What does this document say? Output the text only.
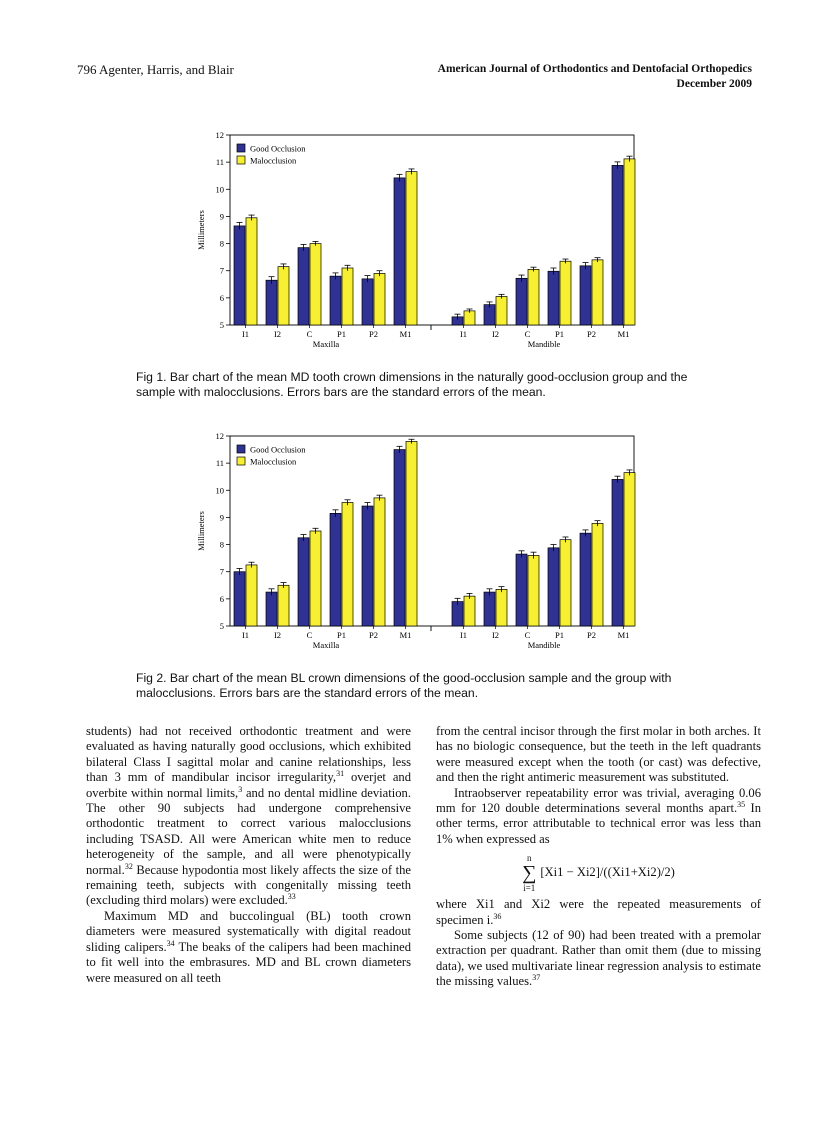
796 Agenter, Harris, and Blair	American Journal of Orthodontics and Dentofacial Orthopedics
December 2009
5
6
7
8
9
10
11
12
Millimeters
I1	I2	C	P1	P2	M1	I1	I2	C	P1	P2	M1
Maxilla	Mandible
Good Occlusion
Malocclusion
Fig 1. Bar chart of the mean MD tooth crown dimensions in the naturally good-occlusion group and the sample with malocclusions. Errors bars are the standard errors of the mean.
5
6
7
8
9
10
11
12
Millimeters
I1	I2	C	P1	P2	M1	I1	I2	C	P1	P2	M1
Maxilla	Mandible
Good Occlusion
Malocclusion
Fig 2. Bar chart of the mean BL crown dimensions of the good-occlusion sample and the group with malocclusions. Errors bars are the standard errors of the mean.

students) had not received orthodontic treatment and were evaluated as having naturally good occlusions, which exhibited bilateral Class I sagittal molar and canine relationships, less than 3 mm of mandibular incisor irregularity,$^{31}$ overjet and overbite within normal limits,$^3$ and no dental midline deviation. The other 90 subjects had undergone comprehensive orthodontic treatment to correct various malocclusions including TSASD. All were American white men to reduce heterogeneity of the sample, and all were phenotypically normal.$^{32}$ Because hypodontia most likely affects the size of the remaining teeth, subjects with congenitally missing teeth (excluding third molars) were excluded.$^{33}$

Maximum MD and buccolingual (BL) tooth crown diameters were measured systematically with digital readout sliding calipers.$^{34}$ The beaks of the calipers had been machined to fit well into the embrasures. MD and BL crown diameters were measured on all teeth

from the central incisor through the first molar in both arches. It has no biologic consequence, but the teeth in the left quadrants were measured except when the tooth (or cast) was defective, and then the right antimeric measurement was substituted.

Intraobserver repeatability error was trivial, averaging 0.06 mm for 120 double determinations several months apart.$^{35}$ In other terms, error attributable to technical error was less than 1% when expressed as

n
∑
i=1[Xi1 − Xi2]/((Xi1+Xi2)/2)

where Xi1 and Xi2 were the repeated measurements of specimen i.$^{36}$

Some subjects (12 of 90) had been treated with a premolar extraction per quadrant. Rather than omit them (due to missing data), we used multivariate linear regression analysis to estimate the missing values.$^{37}$
